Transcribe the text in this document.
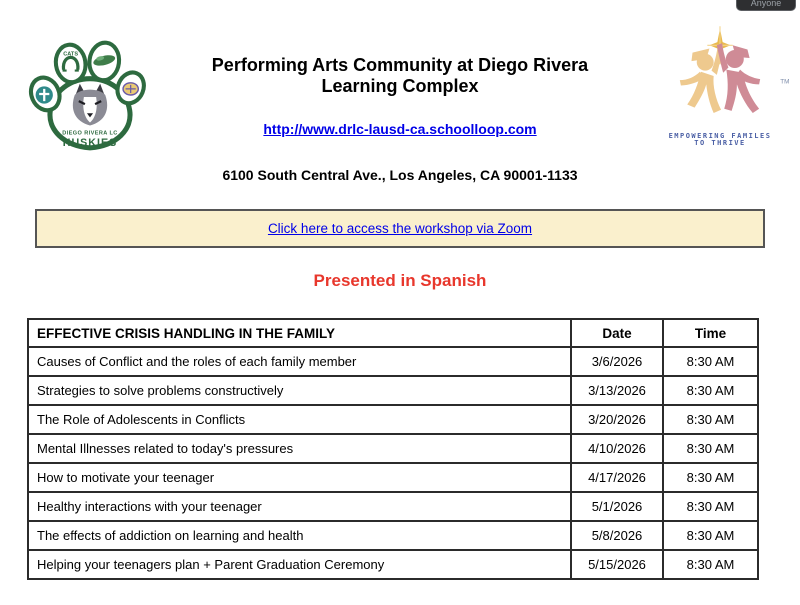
Anyone
CATS
DIEGO RIVERA LC
HUSKIES
TM
EMPOWERING FAMILES
TO THRIVE
Performing Arts Community at Diego Rivera
Learning Complex
http://www.drlc-lausd-ca.schoolloop.com
6100 South Central Ave., Los Angeles, CA 90001-1133
Click here to access the workshop via Zoom
Presented in Spanish
EFFECTIVE CRISIS HANDLING IN THE FAMILY	Date	Time
Causes of Conflict and the roles of each family member	3/6/2026	8:30 AM
Strategies to solve problems constructively	3/13/2026	8:30 AM
The Role of Adolescents in Conflicts	3/20/2026	8:30 AM
Mental Illnesses related to today's pressures	4/10/2026	8:30 AM
How to motivate your teenager	4/17/2026	8:30 AM
Healthy interactions with your teenager	5/1/2026	8:30 AM
The effects of addiction on learning and health	5/8/2026	8:30 AM
Helping your teenagers plan + Parent Graduation Ceremony	5/15/2026	8:30 AM
